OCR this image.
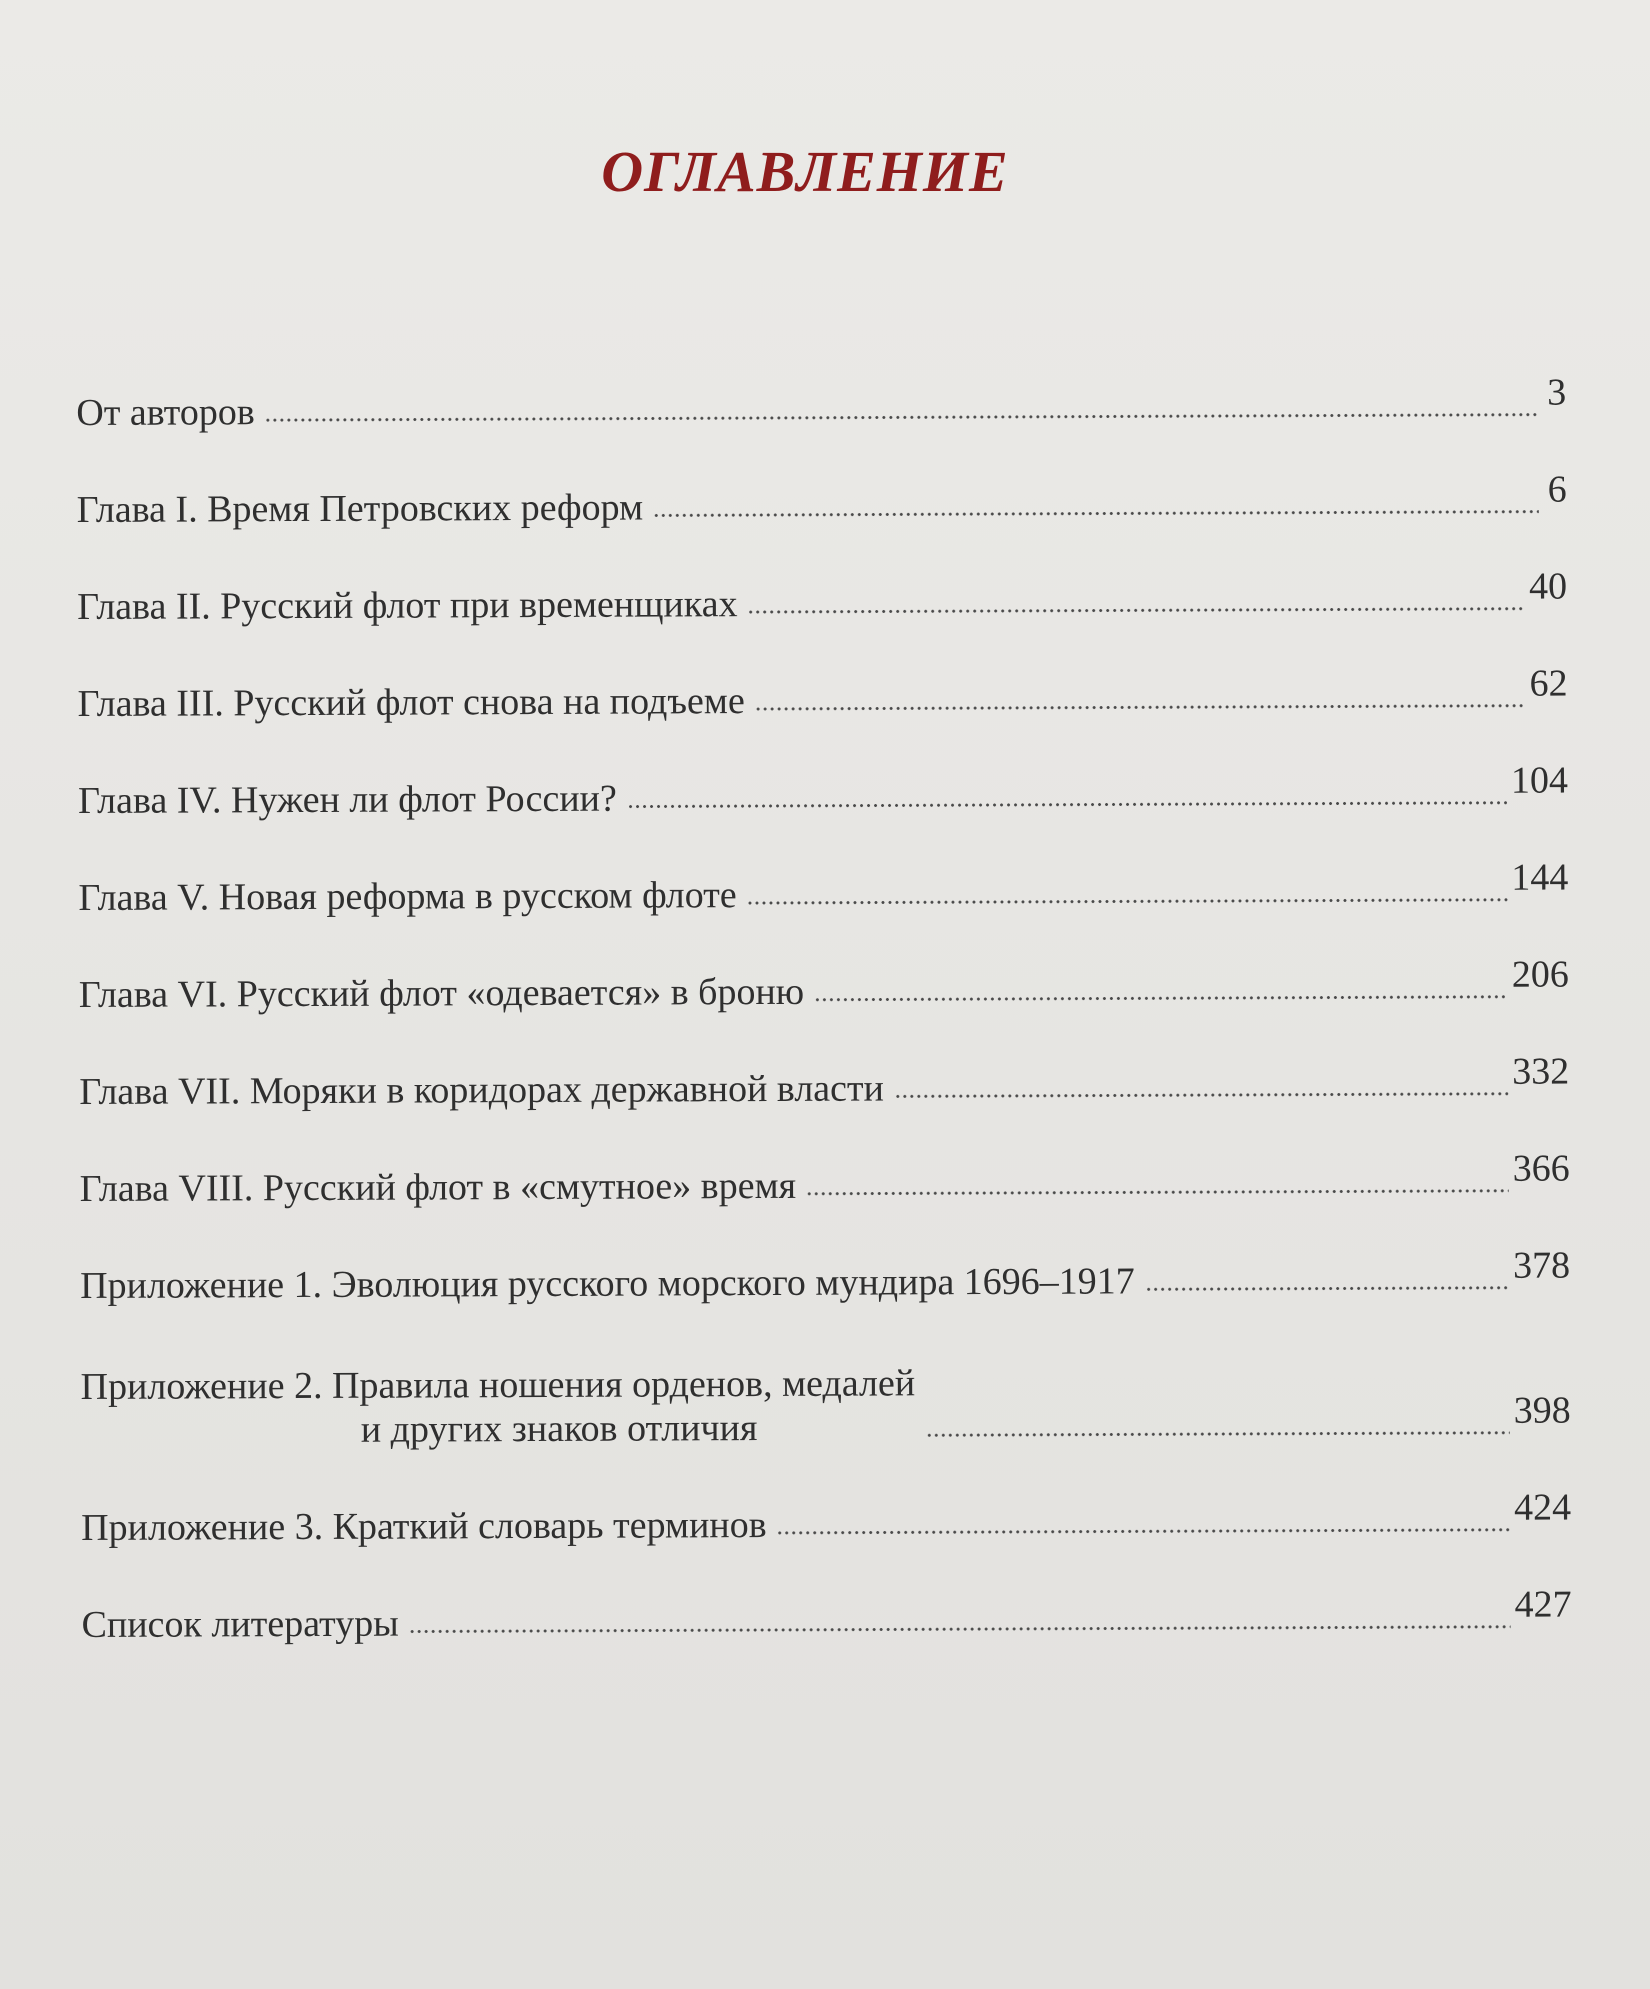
ОГЛАВЛЕНИЕ
От авторов	3
Глава I. Время Петровских реформ	6
Глава II. Русский флот при временщиках	40
Глава III. Русский флот снова на подъеме	62
Глава IV. Нужен ли флот России?	104
Глава V. Новая реформа в русском флоте	144
Глава VI. Русский флот «одевается» в броню	206
Глава VII. Моряки в коридорах державной власти	332
Глава VIII. Русский флот в «смутное» время	366
Приложение 1. Эволюция русского морского мундира 1696–1917	378
Приложение 2. Правила ношения орденов, медалей
и других знаков отличия	398
Приложение 3. Краткий словарь терминов	424
Список литературы	427
